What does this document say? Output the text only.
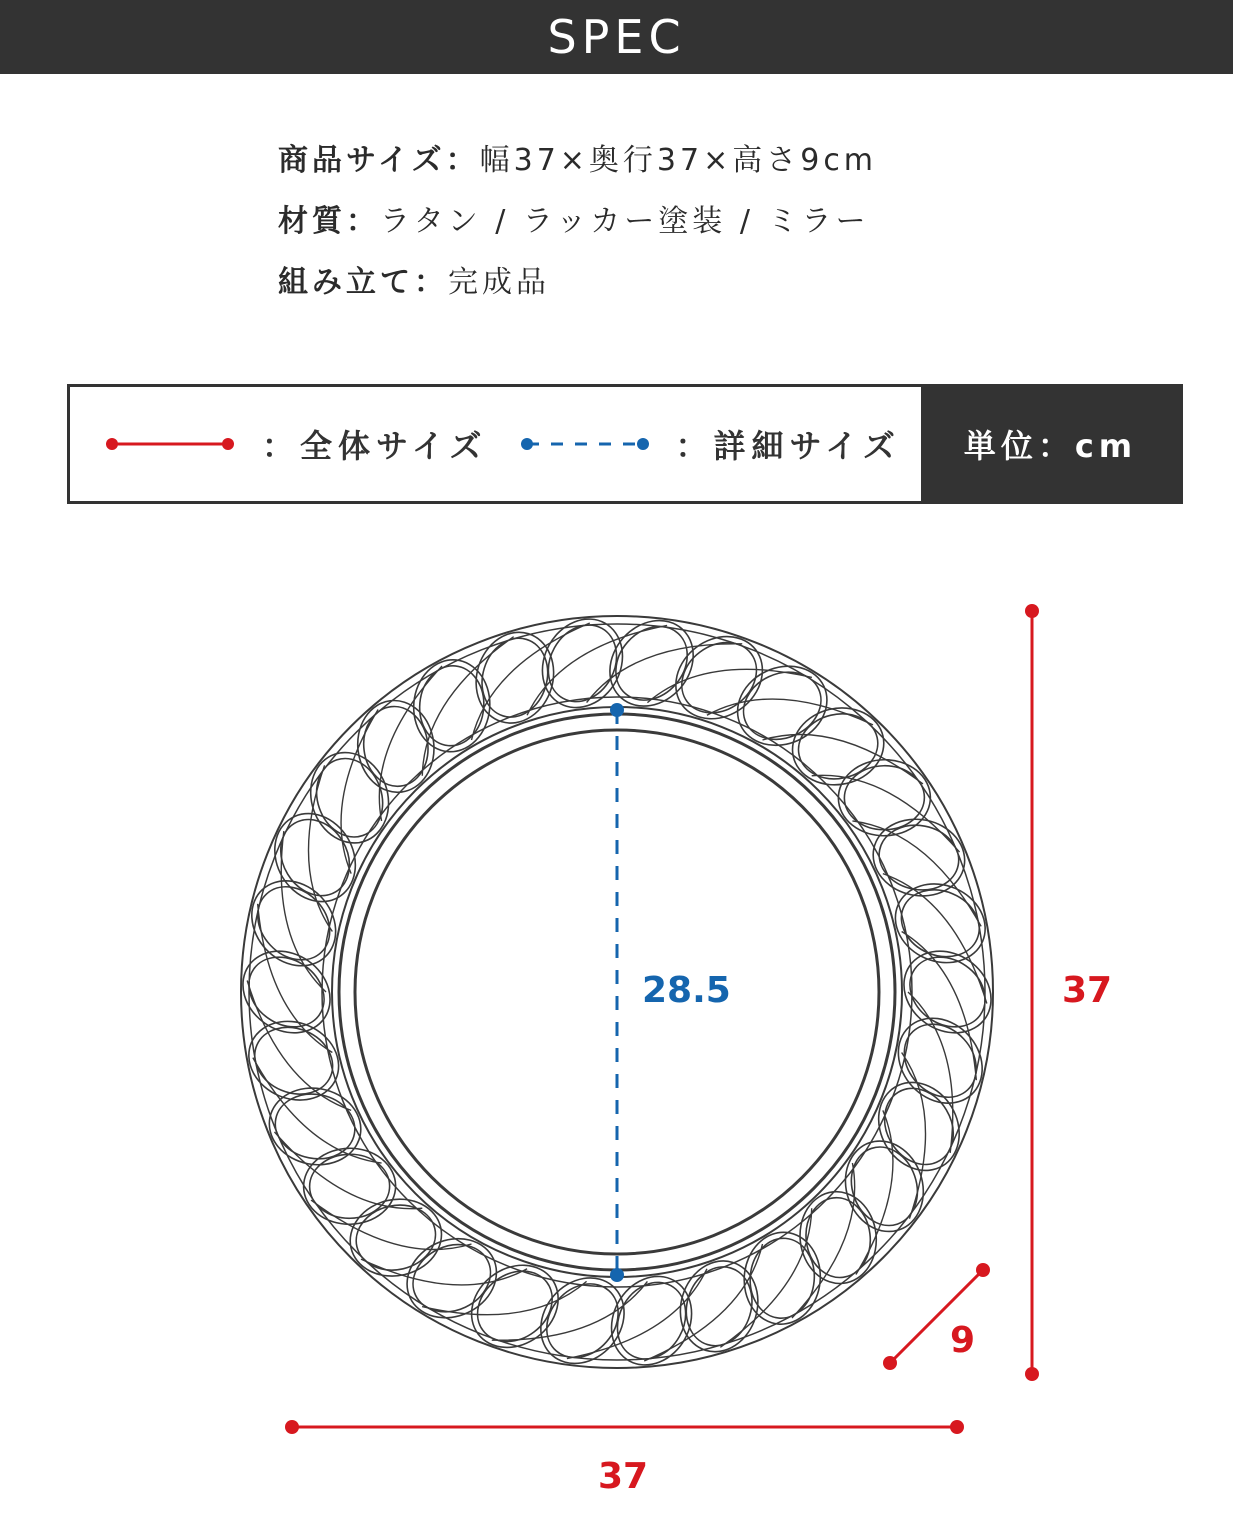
SPEC
商品サイズ：幅37×奥行37×高さ9cm
材質：ラタン / ラッカー塗装 / ミラー
組み立て：完成品
：全体サイズ	：詳細サイズ 単位：cm
28.5	37
37
9
